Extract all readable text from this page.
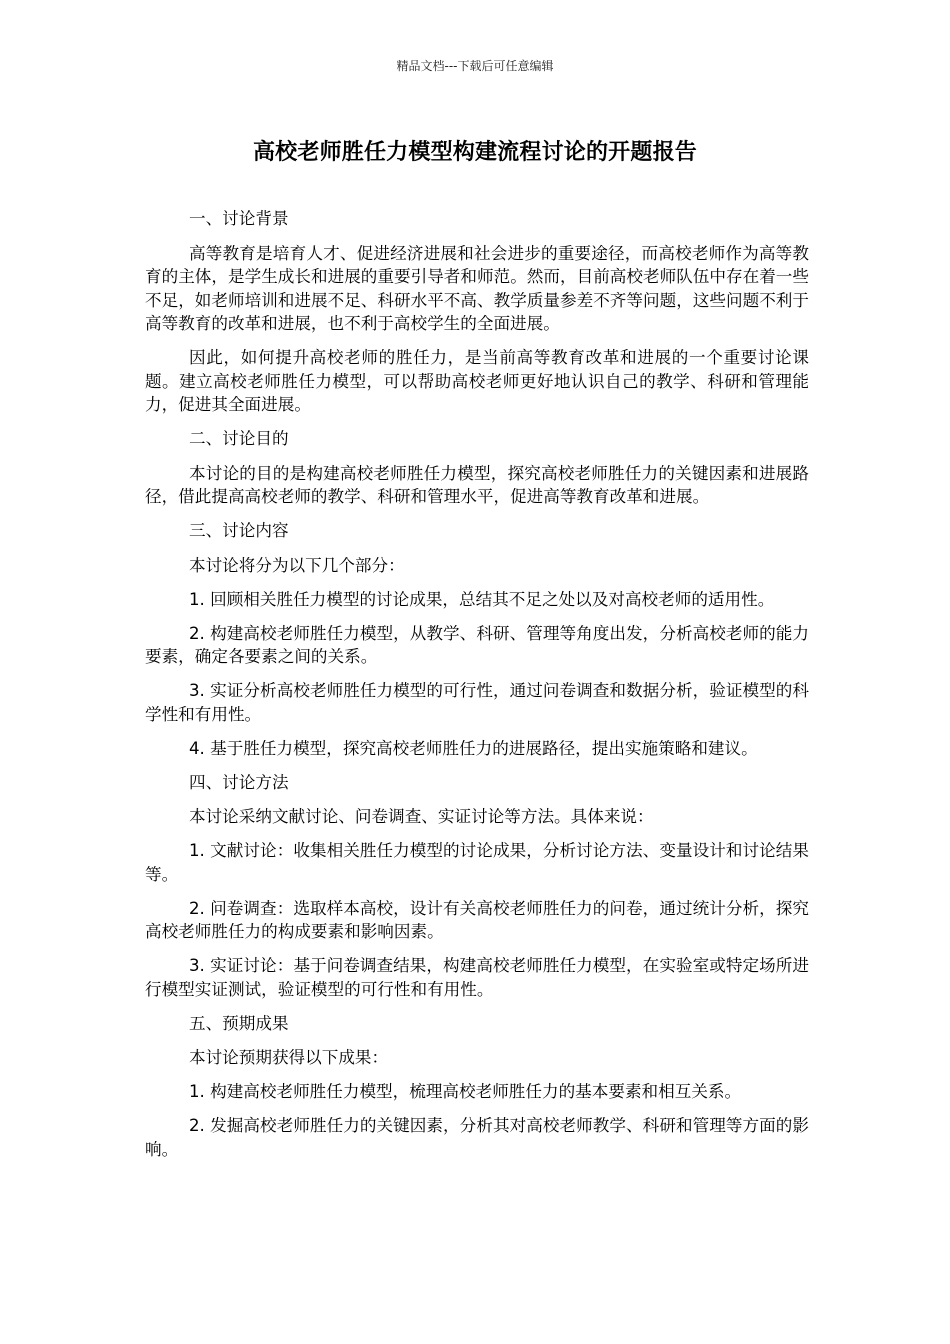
精品文档---下载后可任意编辑
高校老师胜任力模型构建流程讨论的开题报告

一、讨论背景

高等教育是培育人才、促进经济进展和社会进步的重要途径，而高校老师作为高等教育的主体，是学生成长和进展的重要引导者和师范。然而，目前高校老师队伍中存在着一些不足，如老师培训和进展不足、科研水平不高、教学质量参差不齐等问题，这些问题不利于高等教育的改革和进展，也不利于高校学生的全面进展。

因此，如何提升高校老师的胜任力，是当前高等教育改革和进展的一个重要讨论课题。建立高校老师胜任力模型，可以帮助高校老师更好地认识自己的教学、科研和管理能力，促进其全面进展。

二、讨论目的

本讨论的目的是构建高校老师胜任力模型，探究高校老师胜任力的关键因素和进展路径，借此提高高校老师的教学、科研和管理水平，促进高等教育改革和进展。

三、讨论内容

本讨论将分为以下几个部分：

1. 回顾相关胜任力模型的讨论成果，总结其不足之处以及对高校老师的适用性。

2. 构建高校老师胜任力模型，从教学、科研、管理等角度出发，分析高校老师的能力要素，确定各要素之间的关系。

3. 实证分析高校老师胜任力模型的可行性，通过问卷调查和数据分析，验证模型的科学性和有用性。

4. 基于胜任力模型，探究高校老师胜任力的进展路径，提出实施策略和建议。

四、讨论方法

本讨论采纳文献讨论、问卷调查、实证讨论等方法。具体来说：

1. 文献讨论：收集相关胜任力模型的讨论成果，分析讨论方法、变量设计和讨论结果等。

2. 问卷调查：选取样本高校，设计有关高校老师胜任力的问卷，通过统计分析，探究高校老师胜任力的构成要素和影响因素。

3. 实证讨论：基于问卷调查结果，构建高校老师胜任力模型，在实验室或特定场所进行模型实证测试，验证模型的可行性和有用性。

五、预期成果

本讨论预期获得以下成果：

1. 构建高校老师胜任力模型，梳理高校老师胜任力的基本要素和相互关系。

2. 发掘高校老师胜任力的关键因素，分析其对高校老师教学、科研和管理等方面的影响。
